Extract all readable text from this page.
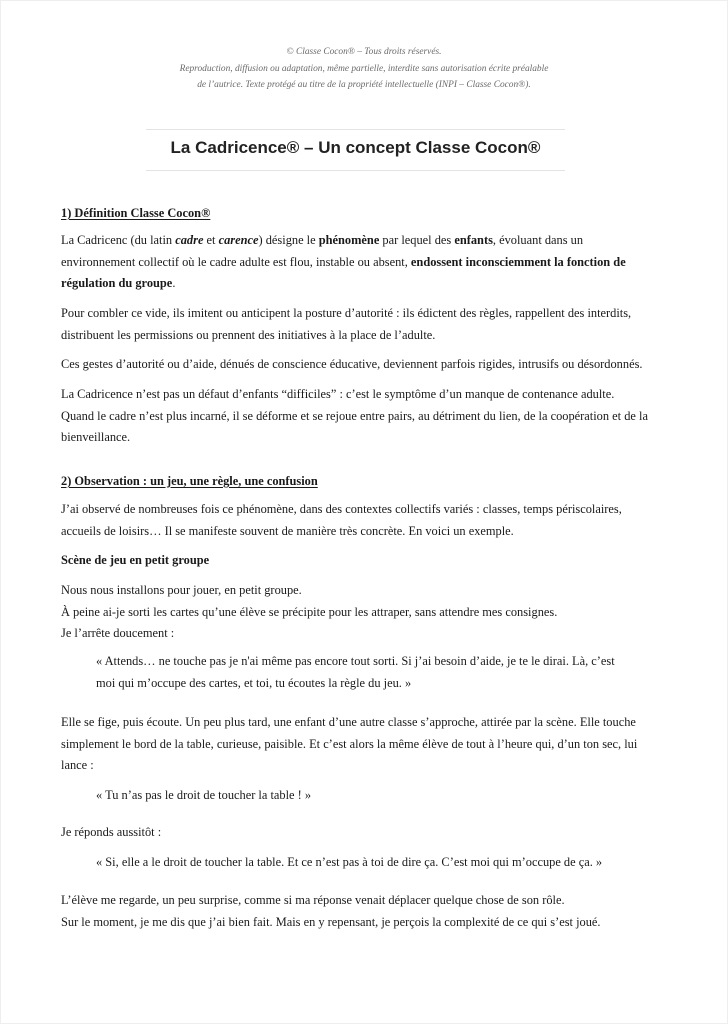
© Classe Cocon® – Tous droits réservés.
Reproduction, diffusion ou adaptation, même partielle, interdite sans autorisation écrite préalable
de l’autrice. Texte protégé au titre de la propriété intellectuelle (INPI – Classe Cocon®).
La Cadricence® – Un concept Classe Cocon®
1) Définition Classe Cocon®
La Cadricenc (du latin cadre et carence) désigne le phénomène par lequel des enfants, évoluant dans un
environnement collectif où le cadre adulte est flou, instable ou absent, endossent inconsciemment la fonction de
régulation du groupe.
Pour combler ce vide, ils imitent ou anticipent la posture d’autorité : ils édictent des règles, rappellent des interdits,
distribuent les permissions ou prennent des initiatives à la place de l’adulte.
Ces gestes d’autorité ou d’aide, dénués de conscience éducative, deviennent parfois rigides, intrusifs ou désordonnés.
La Cadricence n’est pas un défaut d’enfants “difficiles” : c’est le symptôme d’un manque de contenance adulte.
Quand le cadre n’est plus incarné, il se déforme et se rejoue entre pairs, au détriment du lien, de la coopération et de la
bienveillance.
2) Observation : un jeu, une règle, une confusion
J’ai observé de nombreuses fois ce phénomène, dans des contextes collectifs variés : classes, temps périscolaires,
accueils de loisirs… Il se manifeste souvent de manière très concrète. En voici un exemple.
Scène de jeu en petit groupe
Nous nous installons pour jouer, en petit groupe.
À peine ai-je sorti les cartes qu’une élève se précipite pour les attraper, sans attendre mes consignes.
Je l’arrête doucement :
« Attends… ne touche pas je n'ai même pas encore tout sorti. Si j’ai besoin d’aide, je te le dirai. Là, c’est
moi qui m’occupe des cartes, et toi, tu écoutes la règle du jeu. »
Elle se fige, puis écoute. Un peu plus tard, une enfant d’une autre classe s’approche, attirée par la scène. Elle touche
simplement le bord de la table, curieuse, paisible. Et c’est alors la même élève de tout à l’heure qui, d’un ton sec, lui
lance :
« Tu n’as pas le droit de toucher la table ! »
Je réponds aussitôt :
« Si, elle a le droit de toucher la table. Et ce n’est pas à toi de dire ça. C’est moi qui m’occupe de ça. »
L’élève me regarde, un peu surprise, comme si ma réponse venait déplacer quelque chose de son rôle.
Sur le moment, je me dis que j’ai bien fait. Mais en y repensant, je perçois la complexité de ce qui s’est joué.
